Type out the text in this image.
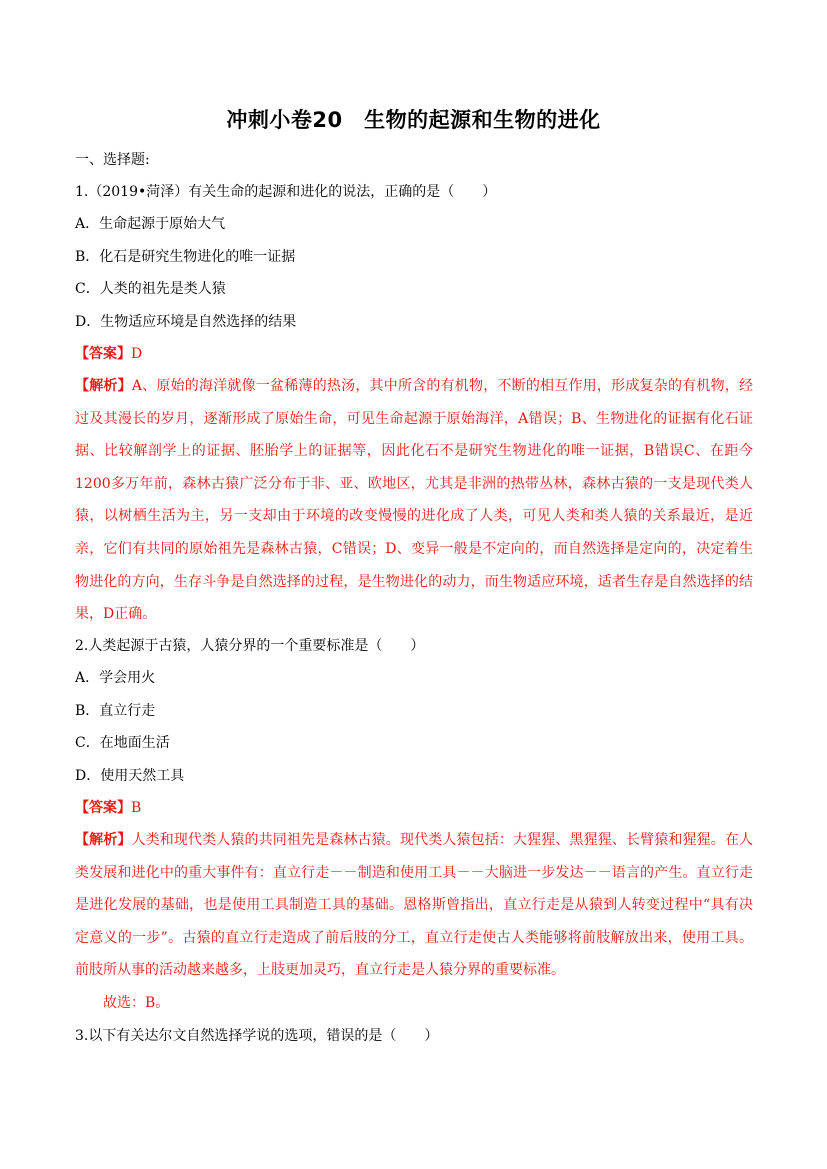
冲刺小卷20　生物的起源和生物的进化
一、选择题:
1.（2019•菏泽）有关生命的起源和进化的说法，正确的是（　　）
A．生命起源于原始大气
B．化石是研究生物进化的唯一证据
C．人类的祖先是类人猿
D．生物适应环境是自然选择的结果
【答案】D
【解析】A、原始的海洋就像一盆稀薄的热汤，其中所含的有机物，不断的相互作用，形成复杂的有机物，经过及其漫长的岁月，逐渐形成了原始生命，可见生命起源于原始海洋，A错误；B、生物进化的证据有化石证据、比较解剖学上的证据、胚胎学上的证据等，因此化石不是研究生物进化的唯一证据，B错误C、在距今1200多万年前，森林古猿广泛分布于非、亚、欧地区，尤其是非洲的热带丛林，森林古猿的一支是现代类人猿，以树栖生活为主，另一支却由于环境的改变慢慢的进化成了人类，可见人类和类人猿的关系最近，是近亲，它们有共同的原始祖先是森林古猿，C错误；D、变异一般是不定向的，而自然选择是定向的，决定着生物进化的方向，生存斗争是自然选择的过程，是生物进化的动力，而生物适应环境，适者生存是自然选择的结果，D正确。
2.人类起源于古猿，人猿分界的一个重要标准是（　　）
A．学会用火
B．直立行走
C．在地面生活
D．使用天然工具
【答案】B
【解析】人类和现代类人猿的共同祖先是森林古猿。现代类人猿包括：大猩猩、黑猩猩、长臂猿和猩猩。在人类发展和进化中的重大事件有：直立行走－－制造和使用工具－－大脑进一步发达－－语言的产生。直立行走是进化发展的基础，也是使用工具制造工具的基础。恩格斯曾指出，直立行走是从猿到人转变过程中“具有决定意义的一步”。古猿的直立行走造成了前后肢的分工，直立行走使古人类能够将前肢解放出来，使用工具。前肢所从事的活动越来越多，上肢更加灵巧，直立行走是人猿分界的重要标准。
故选：B。
3.以下有关达尔文自然选择学说的选项，错误的是（　　）
